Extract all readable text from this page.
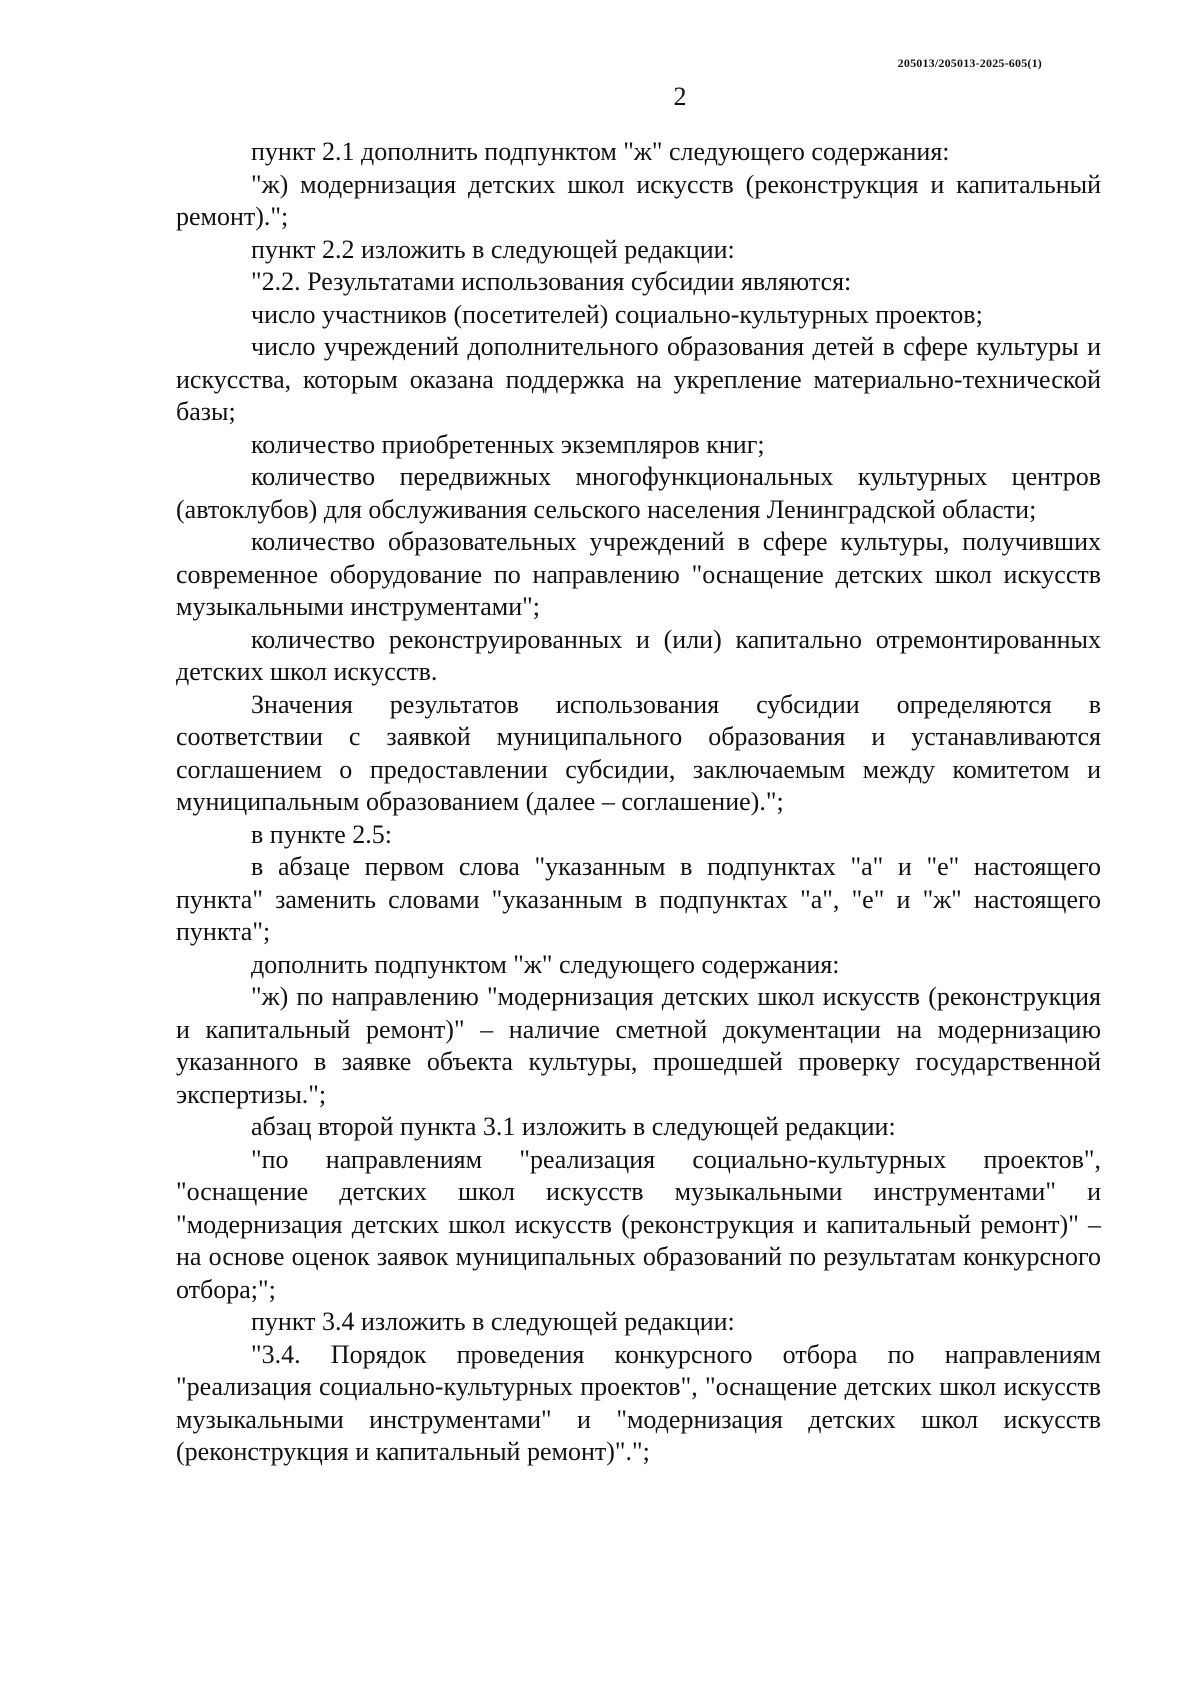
205013/205013-2025-605(1)
2

пункт 2.1 дополнить подпунктом "ж" следующего содержания:

"ж) модернизация детских школ искусств (реконструкция и капитальный ремонт).";

пункт 2.2 изложить в следующей редакции:

"2.2. Результатами использования субсидии являются:

число участников (посетителей) социально-культурных проектов;

число учреждений дополнительного образования детей в сфере культуры и искусства, которым оказана поддержка на укрепление материально-технической базы;

количество приобретенных экземпляров книг;

количество передвижных многофункциональных культурных центров (автоклубов) для обслуживания сельского населения Ленинградской области;

количество образовательных учреждений в сфере культуры, получивших современное оборудование по направлению "оснащение детских школ искусств музыкальными инструментами";

количество реконструированных и (или) капитально отремонтированных детских школ искусств.

Значения результатов использования субсидии определяются в соответствии с заявкой муниципального образования и устанавливаются соглашением о предоставлении субсидии, заключаемым между комитетом и муниципальным образованием (далее – соглашение).";

в пункте 2.5:

в абзаце первом слова "указанным в подпунктах "а" и "е" настоящего пункта" заменить словами "указанным в подпунктах "а", "е" и "ж" настоящего пункта";

дополнить подпунктом "ж" следующего содержания:

"ж) по направлению "модернизация детских школ искусств (реконструкция и капитальный ремонт)" – наличие сметной документации на модернизацию указанного в заявке объекта культуры, прошедшей проверку государственной экспертизы.";

абзац второй пункта 3.1 изложить в следующей редакции:

"по направлениям "реализация социально-культурных проектов", "оснащение детских школ искусств музыкальными инструментами" и "модернизация детских школ искусств (реконструкция и капитальный ремонт)" – на основе оценок заявок муниципальных образований по результатам конкурсного отбора;";

пункт 3.4 изложить в следующей редакции:

"3.4. Порядок проведения конкурсного отбора по направлениям "реализация социально-культурных проектов", "оснащение детских школ искусств музыкальными инструментами" и "модернизация детских школ искусств (реконструкция и капитальный ремонт)".";
